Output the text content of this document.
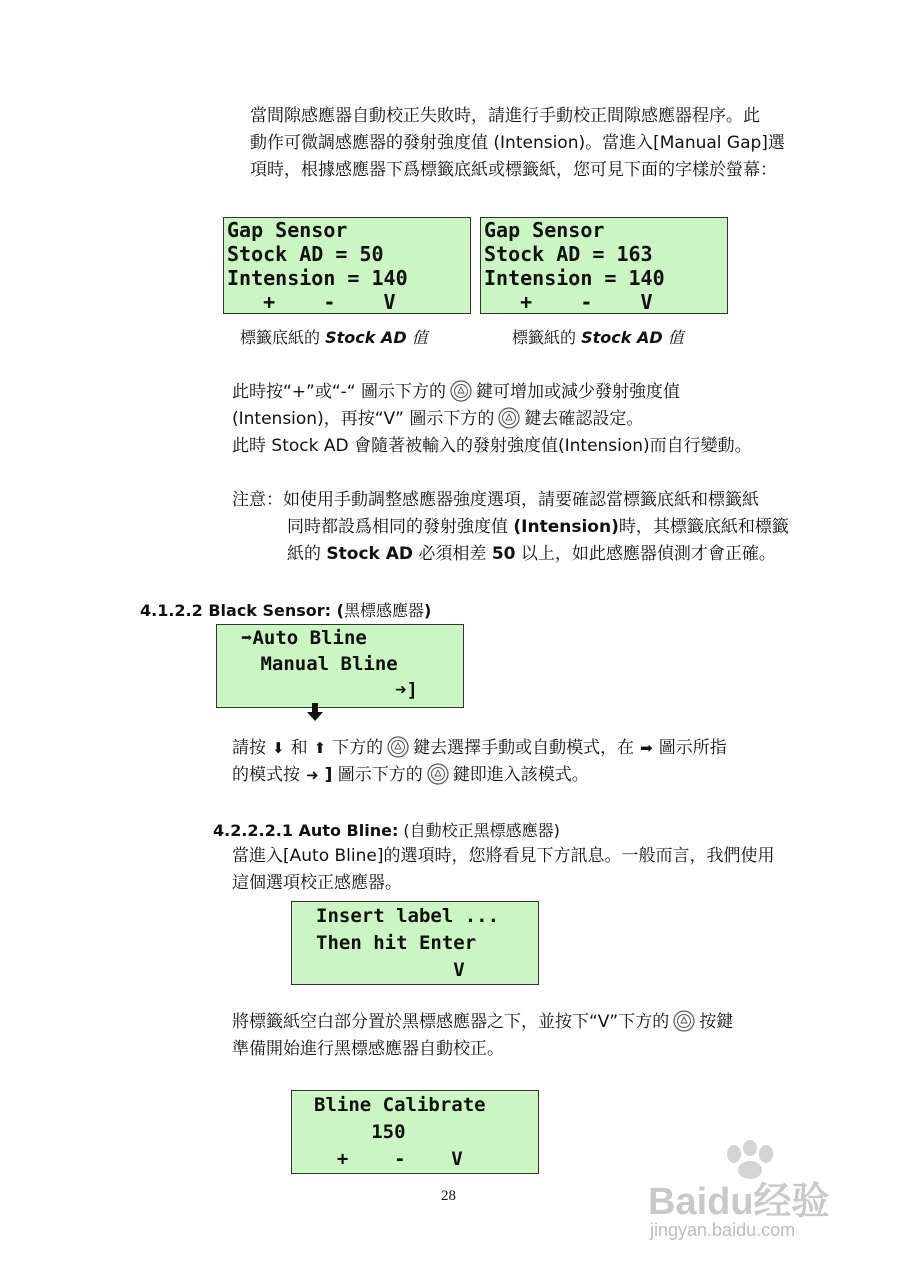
當間隙感應器自動校正失敗時，請進行手動校正間隙感應器程序。此
動作可微調感應器的發射強度值 (Intension)。當進入[Manual Gap]選
項時，根據感應器下爲標籤底紙或標籤紙，您可見下面的字樣於螢幕：
Gap Sensor
Stock AD = 50
Intension = 140
+    -    V
Gap Sensor
Stock AD = 163
Intension = 140
+    -    V
標籤底紙的 Stock AD 值	標籤紙的 Stock AD 值
此時按“+”或“-“ 圖示下方的 鍵可增加或減少發射強度值
(Intension)，再按“V” 圖示下方的 鍵去確認設定。
此時 Stock AD 會隨著被輸入的發射強度值(Intension)而自行變動。
注意：如使用手動調整感應器強度選項，請要確認當標籤底紙和標籤紙
同時都設爲相同的發射強度值 (Intension)時，其標籤底紙和標籤
紙的 Stock AD 必須相差 50 以上，如此感應器偵測才會正確。
4.1.2.2 Black Sensor: (黑標感應器)
➡Auto Bline
Manual Bline

➜]
請按 ⬇ 和 ⬆ 下方的 鍵去選擇手動或自動模式，在 ➡ 圖示所指
的模式按 ➜ ] 圖示下方的 鍵即進入該模式。
4.2.2.2.1 Auto Bline: (自動校正黑標感應器)
當進入[Auto Bline]的選項時，您將看見下方訊息。一般而言，我們使用
這個選項校正感應器。
Insert label ...
Then hit Enter
V
將標籤紙空白部分置於黑標感應器之下，並按下“V”下方的 按鍵
準備開始進行黑標感應器自動校正。
Bline Calibrate
150
+    -    V
28	Baidu经验
jingyan.baidu.com
